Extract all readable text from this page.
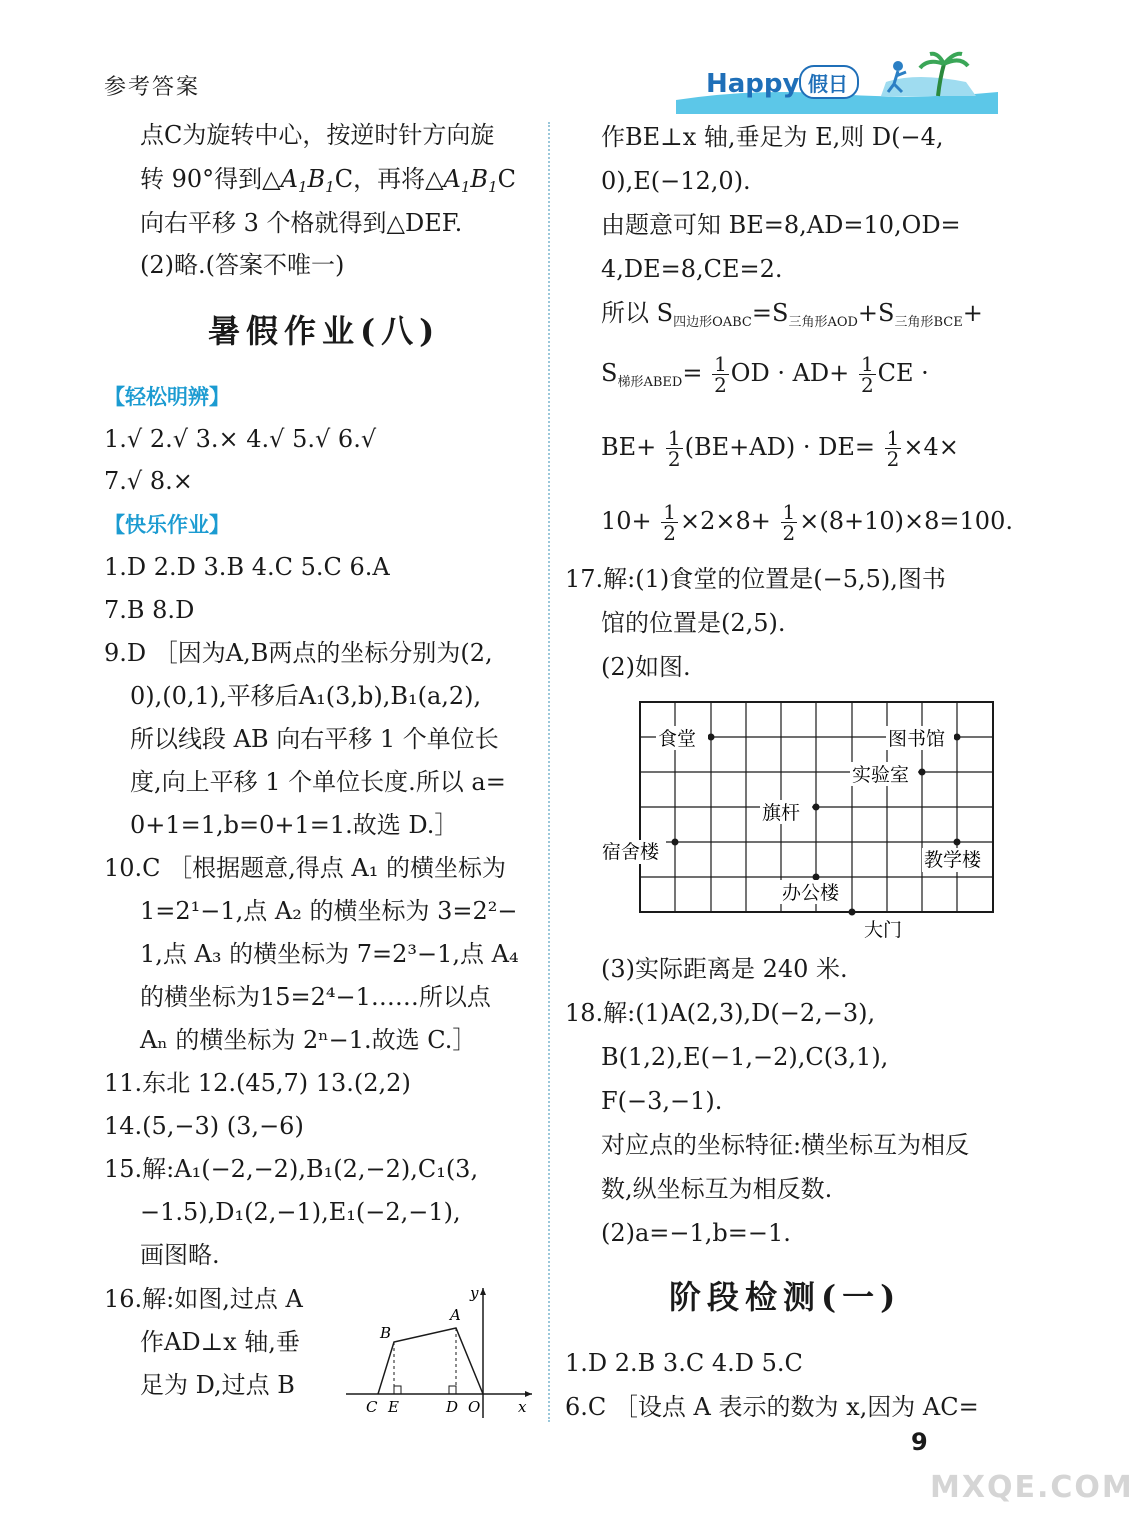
参考答案	Happy 假日
点C为旋转中心，按逆时针方向旋
转 90°得到$\triangle A_1B_1C$，再将$\triangle A_1B_1C$
向右平移 3 个格就得到△DEF.
(2)略.(答案不唯一)
暑假作业(八)
【轻松明辨】
1.√ 2.√ 3.× 4.√ 5.√ 6.√
7.√ 8.×
【快乐作业】
1.D 2.D 3.B 4.C 5.C 6.A
7.B 8.D
9.D ［因为A,B两点的坐标分别为(2,
0),(0,1),平移后A₁(3,b),B₁(a,2),
所以线段 AB 向右平移 1 个单位长
度,向上平移 1 个单位长度.所以 a=
0+1=1,b=0+1=1.故选 D.］
10.C ［根据题意,得点 A₁ 的横坐标为
1=2¹−1,点 A₂ 的横坐标为 3=2²−
1,点 A₃ 的横坐标为 7=2³−1,点 A₄
的横坐标为15=2⁴−1……所以点
Aₙ 的横坐标为 2ⁿ−1.故选 C.］
11.东北 12.(45,7) 13.(2,2)
14.(5,−3) (3,−6)
15.解:A₁(−2,−2),B₁(2,−2),C₁(3,
−1.5),D₁(2,−1),E₁(−2,−1),
画图略.
16.解:如图,过点 A
作AD⊥x 轴,垂
足为 D,过点 B
y
A
B
C E	D O	x
作BE⊥x 轴,垂足为 E,则 D(−4,
0),E(−12,0).
由题意可知 BE=8,AD=10,OD=
4,DE=8,CE=2.
所以 $S_{四边形OABC}=S_{三角形AOD}+S_{三角形BCE}+$
$S_{梯形ABED}= \frac{1}{2}$ OD · $AD+ \frac{1}{2}$ CE ·
$BE+ \frac{1}{2} (BE+AD) \cdot DE= \frac{1}{2} \times 4\times$
$10+ \frac{1}{2} \times 2\times 8+ \frac{1}{2} \times(8+10)\times 8=100$.
17.解:(1)食堂的位置是(−5,5),图书
馆的位置是(2,5).
(2)如图.
(3)实际距离是 240 米.
18.解:(1)A(2,3),D(−2,−3),
B(1,2),E(−1,−2),C(3,1),
F(−3,−1).
对应点的坐标特征:横坐标互为相反
数,纵坐标互为相反数.
(2)a=−1,b=−1.
阶段检测(一)
1.D 2.B 3.C 4.D 5.C
6.C ［设点 A 表示的数为 x,因为 AC=
食堂	图书馆
实验室
旗杆
宿舍楼	教学楼
办公楼
大门
9
MXQE.COM
